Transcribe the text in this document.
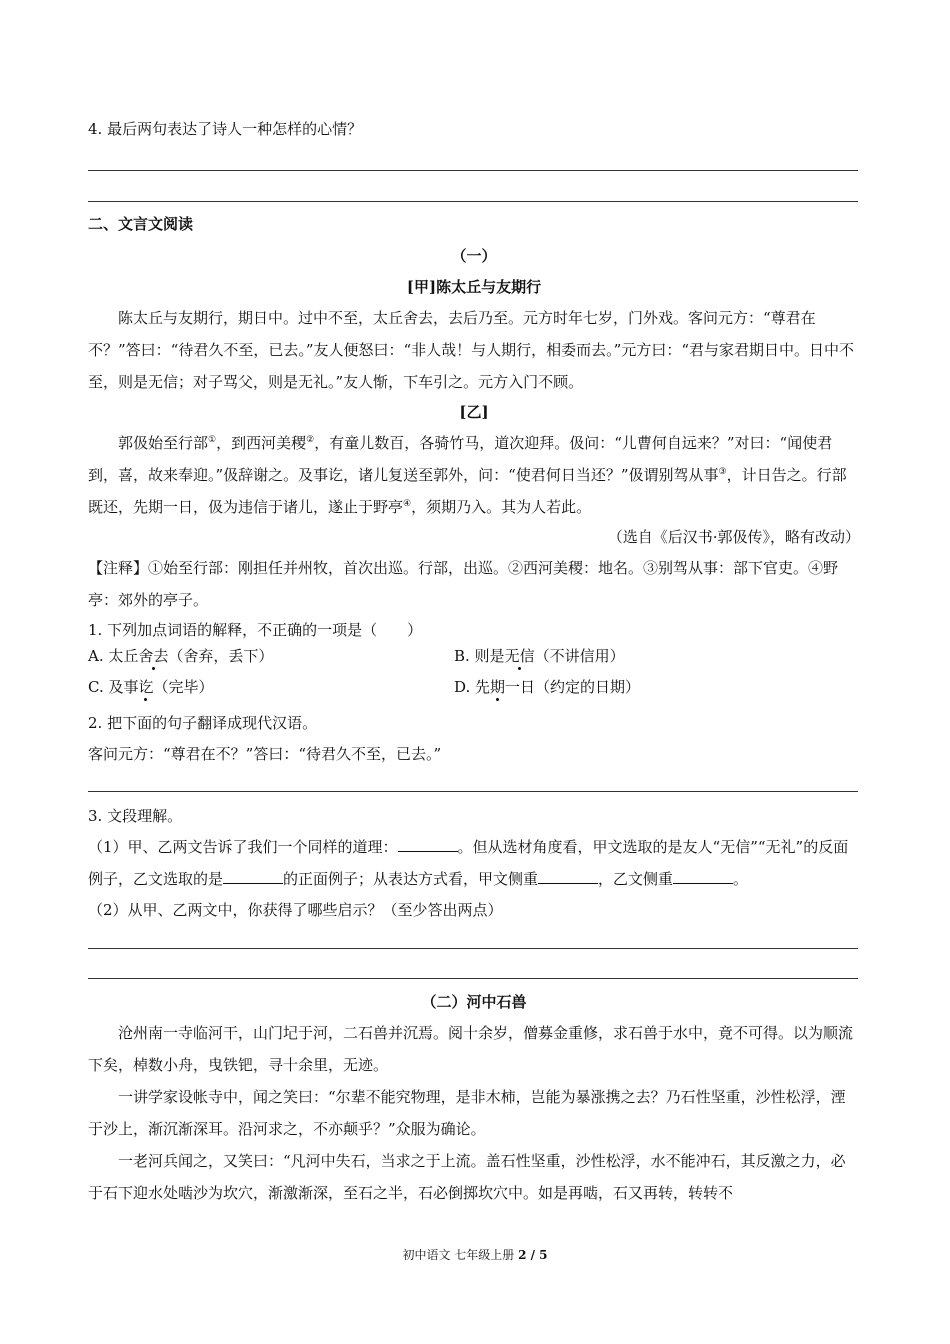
4. 最后两句表达了诗人一种怎样的心情？
二、文言文阅读
（一）
[甲]陈太丘与友期行

陈太丘与友期行，期日中。过中不至，太丘舍去，去后乃至。元方时年七岁，门外戏。客问元方：“尊君在不？”答曰：“待君久不至，已去。”友人便怒曰：“非人哉！与人期行，相委而去。”元方曰：“君与家君期日中。日中不至，则是无信；对子骂父，则是无礼。”友人惭，下车引之。元方入门不顾。

[乙]

郭伋始至行部①，到西河美稷②，有童儿数百，各骑竹马，道次迎拜。伋问：“儿曹何自远来？”对曰：“闻使君到，喜，故来奉迎。”伋辞谢之。及事讫，诸儿复送至郭外，问：“使君何日当还？”伋谓别驾从事③，计日告之。行部既还，先期一日，伋为违信于诸儿，遂止于野亭④，须期乃入。其为人若此。

（选自《后汉书·郭伋传》，略有改动）
【注释】①始至行部：刚担任并州牧，首次出巡。行部，出巡。②西河美稷：地名。③别驾从事：部下官吏。④野亭：郊外的亭子。
1. 下列加点词语的解释，不正确的一项是（　　）
A. 太丘舍去（舍弃，丢下）	B. 则是无信（不讲信用）
C. 及事讫（完毕）	D. 先期一日（约定的日期）
2. 把下面的句子翻译成现代汉语。
客问元方：“尊君在不？”答曰：“待君久不至，已去。”
3. 文段理解。
（1）甲、乙两文告诉了我们一个同样的道理：	。但从选材角度看，甲文选取的是友人“无信”“无礼”的反面例子，乙文选取的是	的正面例子；从表达方式看，甲文侧重	，乙文侧重	。
（2）从甲、乙两文中，你获得了哪些启示？（至少答出两点）
（二）河中石兽

沧州南一寺临河干，山门圮于河，二石兽并沉焉。阅十余岁，僧募金重修，求石兽于水中，竟不可得。以为顺流下矣，棹数小舟，曳铁钯，寻十余里，无迹。

一讲学家设帐寺中，闻之笑曰：“尔辈不能究物理，是非木柿，岂能为暴涨携之去？乃石性坚重，沙性松浮，湮于沙上，渐沉渐深耳。沿河求之，不亦颠乎？”众服为确论。

一老河兵闻之，又笑曰：“凡河中失石，当求之于上流。盖石性坚重，沙性松浮，水不能冲石，其反激之力，必于石下迎水处啮沙为坎穴，渐激渐深，至石之半，石必倒掷坎穴中。如是再啮，石又再转，转转不

初中语文 七年级上册 2 / 5
